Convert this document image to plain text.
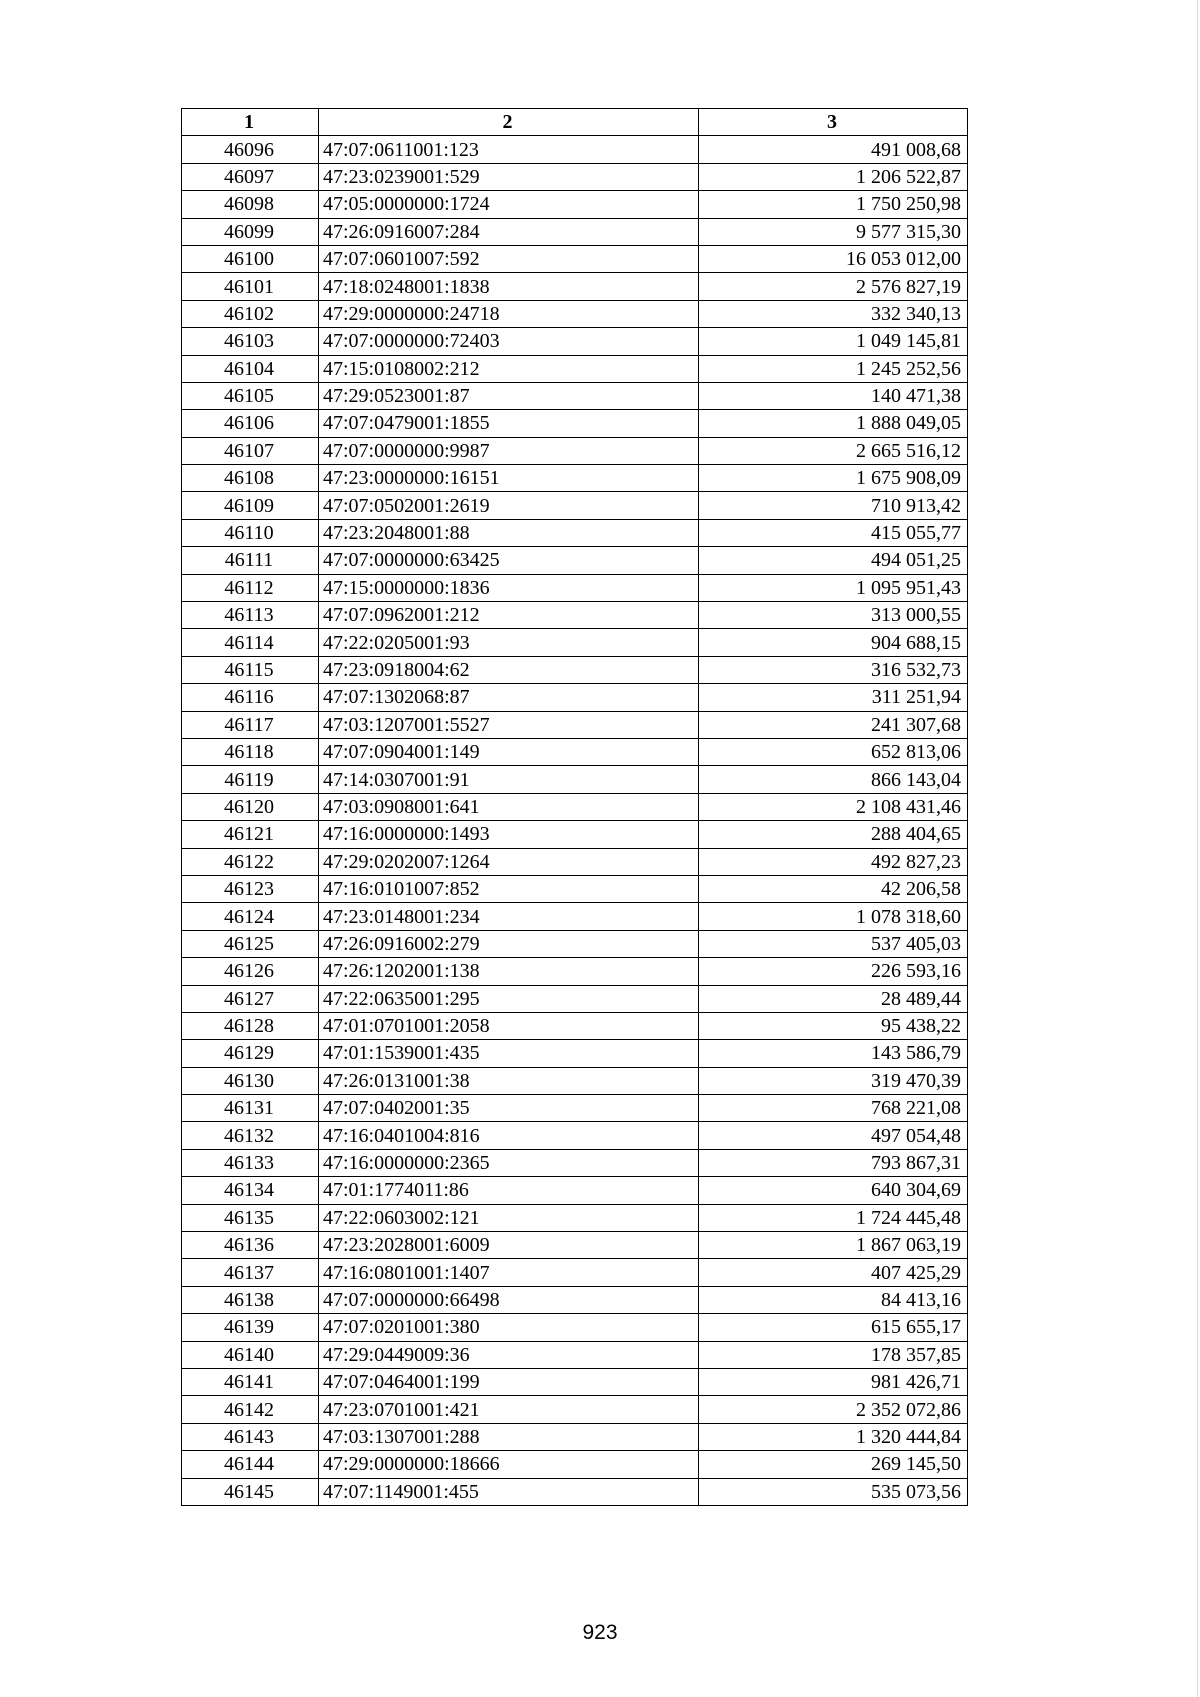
1	2	3
46096	47:07:0611001:123	491 008,68
46097	47:23:0239001:529	1 206 522,87
46098	47:05:0000000:1724	1 750 250,98
46099	47:26:0916007:284	9 577 315,30
46100	47:07:0601007:592	16 053 012,00
46101	47:18:0248001:1838	2 576 827,19
46102	47:29:0000000:24718	332 340,13
46103	47:07:0000000:72403	1 049 145,81
46104	47:15:0108002:212	1 245 252,56
46105	47:29:0523001:87	140 471,38
46106	47:07:0479001:1855	1 888 049,05
46107	47:07:0000000:9987	2 665 516,12
46108	47:23:0000000:16151	1 675 908,09
46109	47:07:0502001:2619	710 913,42
46110	47:23:2048001:88	415 055,77
46111	47:07:0000000:63425	494 051,25
46112	47:15:0000000:1836	1 095 951,43
46113	47:07:0962001:212	313 000,55
46114	47:22:0205001:93	904 688,15
46115	47:23:0918004:62	316 532,73
46116	47:07:1302068:87	311 251,94
46117	47:03:1207001:5527	241 307,68
46118	47:07:0904001:149	652 813,06
46119	47:14:0307001:91	866 143,04
46120	47:03:0908001:641	2 108 431,46
46121	47:16:0000000:1493	288 404,65
46122	47:29:0202007:1264	492 827,23
46123	47:16:0101007:852	42 206,58
46124	47:23:0148001:234	1 078 318,60
46125	47:26:0916002:279	537 405,03
46126	47:26:1202001:138	226 593,16
46127	47:22:0635001:295	28 489,44
46128	47:01:0701001:2058	95 438,22
46129	47:01:1539001:435	143 586,79
46130	47:26:0131001:38	319 470,39
46131	47:07:0402001:35	768 221,08
46132	47:16:0401004:816	497 054,48
46133	47:16:0000000:2365	793 867,31
46134	47:01:1774011:86	640 304,69
46135	47:22:0603002:121	1 724 445,48
46136	47:23:2028001:6009	1 867 063,19
46137	47:16:0801001:1407	407 425,29
46138	47:07:0000000:66498	84 413,16
46139	47:07:0201001:380	615 655,17
46140	47:29:0449009:36	178 357,85
46141	47:07:0464001:199	981 426,71
46142	47:23:0701001:421	2 352 072,86
46143	47:03:1307001:288	1 320 444,84
46144	47:29:0000000:18666	269 145,50
46145	47:07:1149001:455	535 073,56
923
